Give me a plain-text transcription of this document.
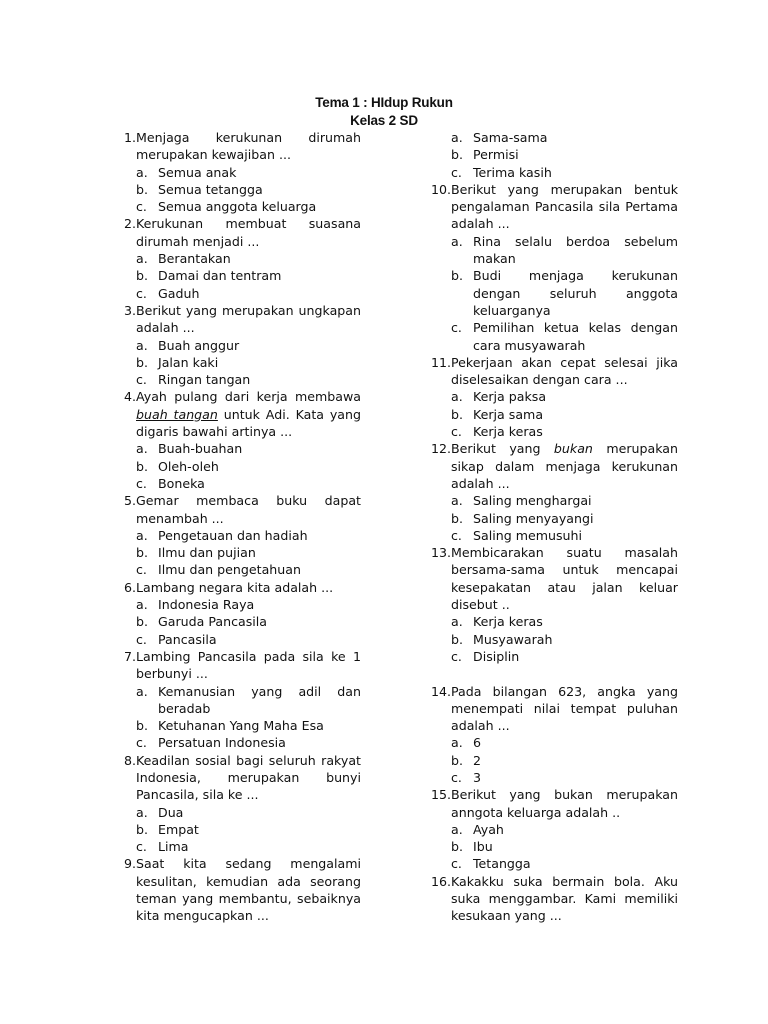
Tema 1 : HIdup Rukun
Kelas 2 SD
1. Menjaga kerukunan dirumah merupakan kewajiban ...
a. Semua anak
b. Semua tetangga
c. Semua anggota keluarga
2. Kerukunan membuat suasana dirumah menjadi ...
a. Berantakan
b. Damai dan tentram
c. Gaduh
3. Berikut yang merupakan ungkapan adalah ...
a. Buah anggur
b. Jalan kaki
c. Ringan tangan
4. Ayah pulang dari kerja membawa buah tangan untuk Adi. Kata yang digaris bawahi artinya ...
a. Buah-buahan
b. Oleh-oleh
c. Boneka
5. Gemar membaca buku dapat menambah ...
a. Pengetauan dan hadiah
b. Ilmu dan pujian
c. Ilmu dan pengetahuan
6. Lambang negara kita adalah ...
a. Indonesia Raya
b. Garuda Pancasila
c. Pancasila
7. Lambing Pancasila pada sila ke 1 berbunyi ...
a. Kemanusian yang adil dan beradab
b. Ketuhanan Yang Maha Esa
c. Persatuan Indonesia
8. Keadilan sosial bagi seluruh rakyat Indonesia, merupakan bunyi Pancasila, sila ke ...
a. Dua
b. Empat
c. Lima
9. Saat kita sedang mengalami kesulitan, kemudian ada seorang teman yang membantu, sebaiknya kita mengucapkan ...
a. Sama-sama
b. Permisi
c. Terima kasih
10. Berikut yang merupakan bentuk pengalaman Pancasila sila Pertama adalah ...
a. Rina selalu berdoa sebelum makan
b. Budi menjaga kerukunan dengan seluruh anggota keluarganya
c. Pemilihan ketua kelas dengan cara musyawarah
11. Pekerjaan akan cepat selesai jika diselesaikan dengan cara ...
a. Kerja paksa
b. Kerja sama
c. Kerja keras
12. Berikut yang bukan merupakan sikap dalam menjaga kerukunan adalah ...
a. Saling menghargai
b. Saling menyayangi
c. Saling memusuhi
13. Membicarakan suatu masalah bersama-sama untuk mencapai kesepakatan atau jalan keluar disebut ..
a. Kerja keras
b. Musyawarah
c. Disiplin
14. Pada bilangan 623, angka yang menempati nilai tempat puluhan adalah ...
a. 6
b. 2
c. 3
15. Berikut yang bukan merupakan anngota keluarga adalah ..
a. Ayah
b. Ibu
c. Tetangga
16. Kakakku suka bermain bola. Aku suka menggambar. Kami memiliki kesukaan yang ...
